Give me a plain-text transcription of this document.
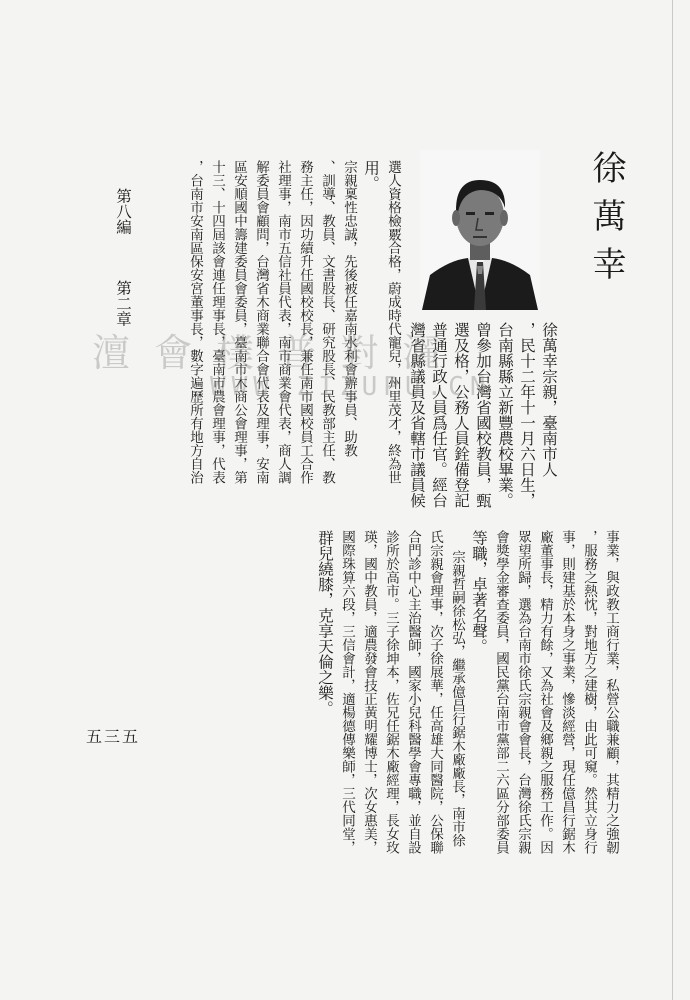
徐萬幸
徐萬幸宗親，臺南市人
，民十二年十一月六日生，
台南縣縣立新豐農校畢業。
曾參加台灣省國校教員，甄
選及格，公務人員銓備登記
普通行政人員爲任官。經台
灣省縣議員及省轄市議員候
選人資格檢覈合格，蔚成時代寵兒，州里茂才，終為世
用。
宗親稟性忠誠，先後被任嘉南水利會辦事員、助教
、訓導、教員、文書股長、研究股長、民教部主任、教
務主任，因功績升任國校校長，兼任南市國校員工合作
社理事，南市五信社員代表，南市商業會代表，商人調
解委員會顧問，台灣省木商業聯合會代表及理事，安南
區安順國中籌建委員會委員，臺南市木商公會理事，第
十三、十四屆該會連任理事長，臺南市農會理事，代表
，台南市安南區保安宮董事長，數字遍歷所有地方自治
第八編
第二章
事業，與政教工商行業，私營公職兼顧，其精力之強韌
，服務之熱忱，對地方之建樹，由此可窺。然其立身行
事，則建基於本身之事業，慘淡經營，現任億昌行鋸木
廠董事長，精力有餘，又為社會及鄉親之服務工作。因
眾望所歸，選為台南市徐氏宗親會會長，台灣徐氏宗親
會獎學金審查委員，國民黨台南市黨部二六區分部委員
等職，卓著名聲。
宗親哲嗣徐松弘，繼承億昌行鋸木廠廠長，南市徐
氏宗親會理事，次子徐展華，任高雄大同醫院，公保聯
合門診中心主治醫師，國家小兒科醫學會專職，並自設
診所於高市。三子徐坤本，佐兄任鋸木廠經理，長女玫
瑛，國中教員，適農發會技正黃明耀博士，次女惠美，
國際珠算六段，三信會計，適楊德傳樂師，三代同堂，
群兒繞膝，克享天倫之樂。
五三五
澶 會 樸 普 對 灑
WWW.ZIZUPU.CN
